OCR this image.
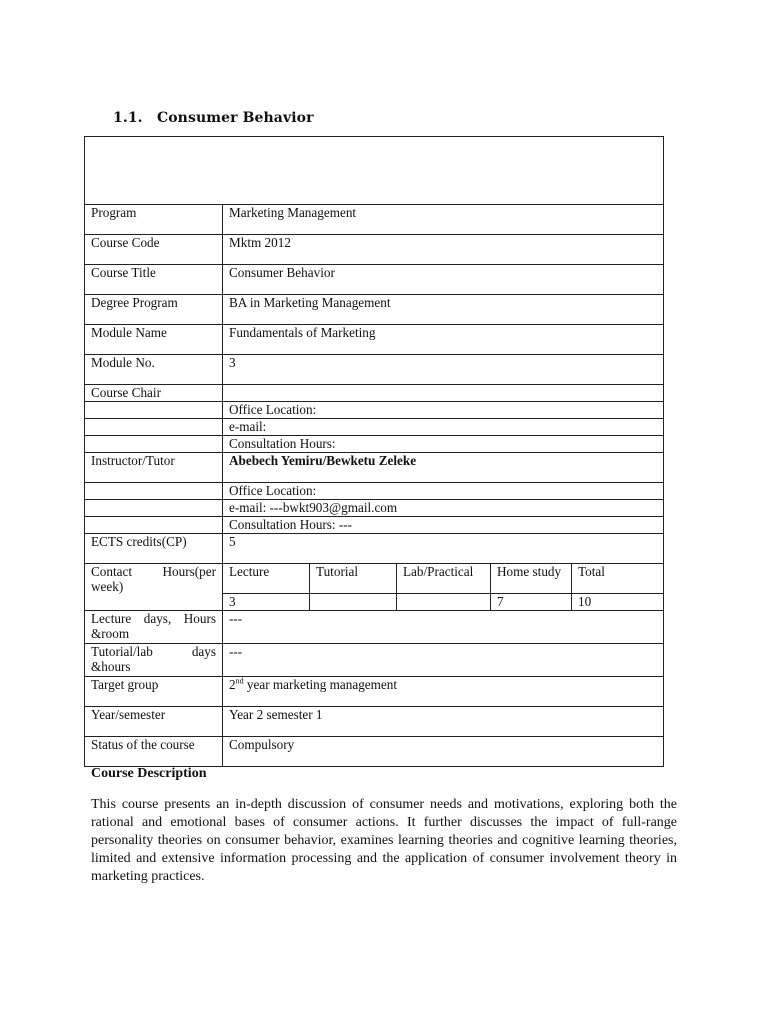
1.1. Consumer Behavior

Program	Marketing Management				
Course Code	Mktm 2012				
Course Title	Consumer Behavior				
Degree Program	BA in Marketing Management				
Module Name	Fundamentals of Marketing				
Module No.	3				
Course Chair					
	Office Location:				
	e-mail:				
	Consultation Hours:				
Instructor/Tutor	Abebech Yemiru/Bewketu Zeleke				
	Office Location:				
	e-mail: ---bwkt903@gmail.com				
	Consultation Hours: ---				
ECTS credits(CP)	5				

Contact Hours(per
week)	Lecture	Tutorial	Lab/Practical	Home study	Total
	3			7	10

Lecture days, Hours
&room	---				

Tutorial/lab days
&hours	---				
Target group	2nd year marketing management				
Year/semester	Year 2 semester 1				
Status of the course	Compulsory				
Course Description

This course presents an in-depth discussion of consumer needs and motivations, exploring both the rational and emotional bases of consumer actions. It further discusses the impact of full-range personality theories on consumer behavior, examines learning theories and cognitive learning theories, limited and extensive information processing and the application of consumer involvement theory in marketing practices.
